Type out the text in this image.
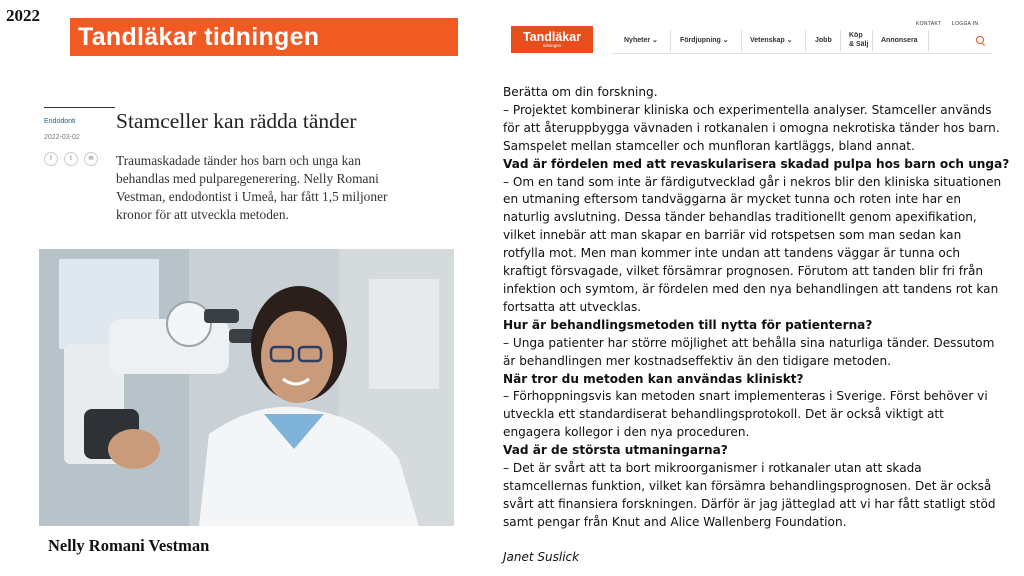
2022
Tandläkar tidningen	Tandläkar
tidningen
KONTAKT LOGGA IN
Nyheter ⌄	Fördjupning ⌄	Vetenskap ⌄	Jobb
Köp & Sälj
Annonsera
Endodonti
2022-03-02
f	t	✉
Stamceller kan rädda tänder
Traumaskadade tänder hos barn och unga kan
behandlas med pulparegenerering. Nelly Romani
Vestman, endodontist i Umeå, har fått 1,5 miljoner
kronor för att utveckla metoden.
Nelly Romani Vestman
Berätta om din forskning.
– Projektet kombinerar kliniska och experimentella analyser. Stamceller används
för att återuppbygga vävnaden i rotkanalen i omogna nekrotiska tänder hos barn.
Samspelet mellan stamceller och munfloran kartläggs, bland annat.
Vad är fördelen med att revaskularisera skadad pulpa hos barn och unga?
– Om en tand som inte är färdigutvecklad går i nekros blir den kliniska situationen
en utmaning eftersom tandväggarna är mycket tunna och roten inte har en
naturlig avslutning. Dessa tänder behandlas traditionellt genom apexifikation,
vilket innebär att man skapar en barriär vid rotspetsen som man sedan kan
rotfylla mot. Men man kommer inte undan att tandens väggar är tunna och
kraftigt försvagade, vilket försämrar prognosen. Förutom att tanden blir fri från
infektion och symtom, är fördelen med den nya behandlingen att tandens rot kan
fortsatta att utvecklas.
Hur är behandlingsmetoden till nytta för patienterna?
– Unga patienter har större möjlighet att behålla sina naturliga tänder. Dessutom
är behandlingen mer kostnadseffektiv än den tidigare metoden.
När tror du metoden kan användas kliniskt?
– Förhoppningsvis kan metoden snart implementeras i Sverige. Först behöver vi
utveckla ett standardiserat behandlingsprotokoll. Det är också viktigt att
engagera kollegor i den nya proceduren.
Vad är de största utmaningarna?
– Det är svårt att ta bort mikroorganismer i rotkanaler utan att skada
stamcellernas funktion, vilket kan försämra behandlingsprognosen. Det är också
svårt att finansiera forskningen. Därför är jag jätteglad att vi har fått statligt stöd
samt pengar från Knut and Alice Wallenberg Foundation.
Janet Suslick
